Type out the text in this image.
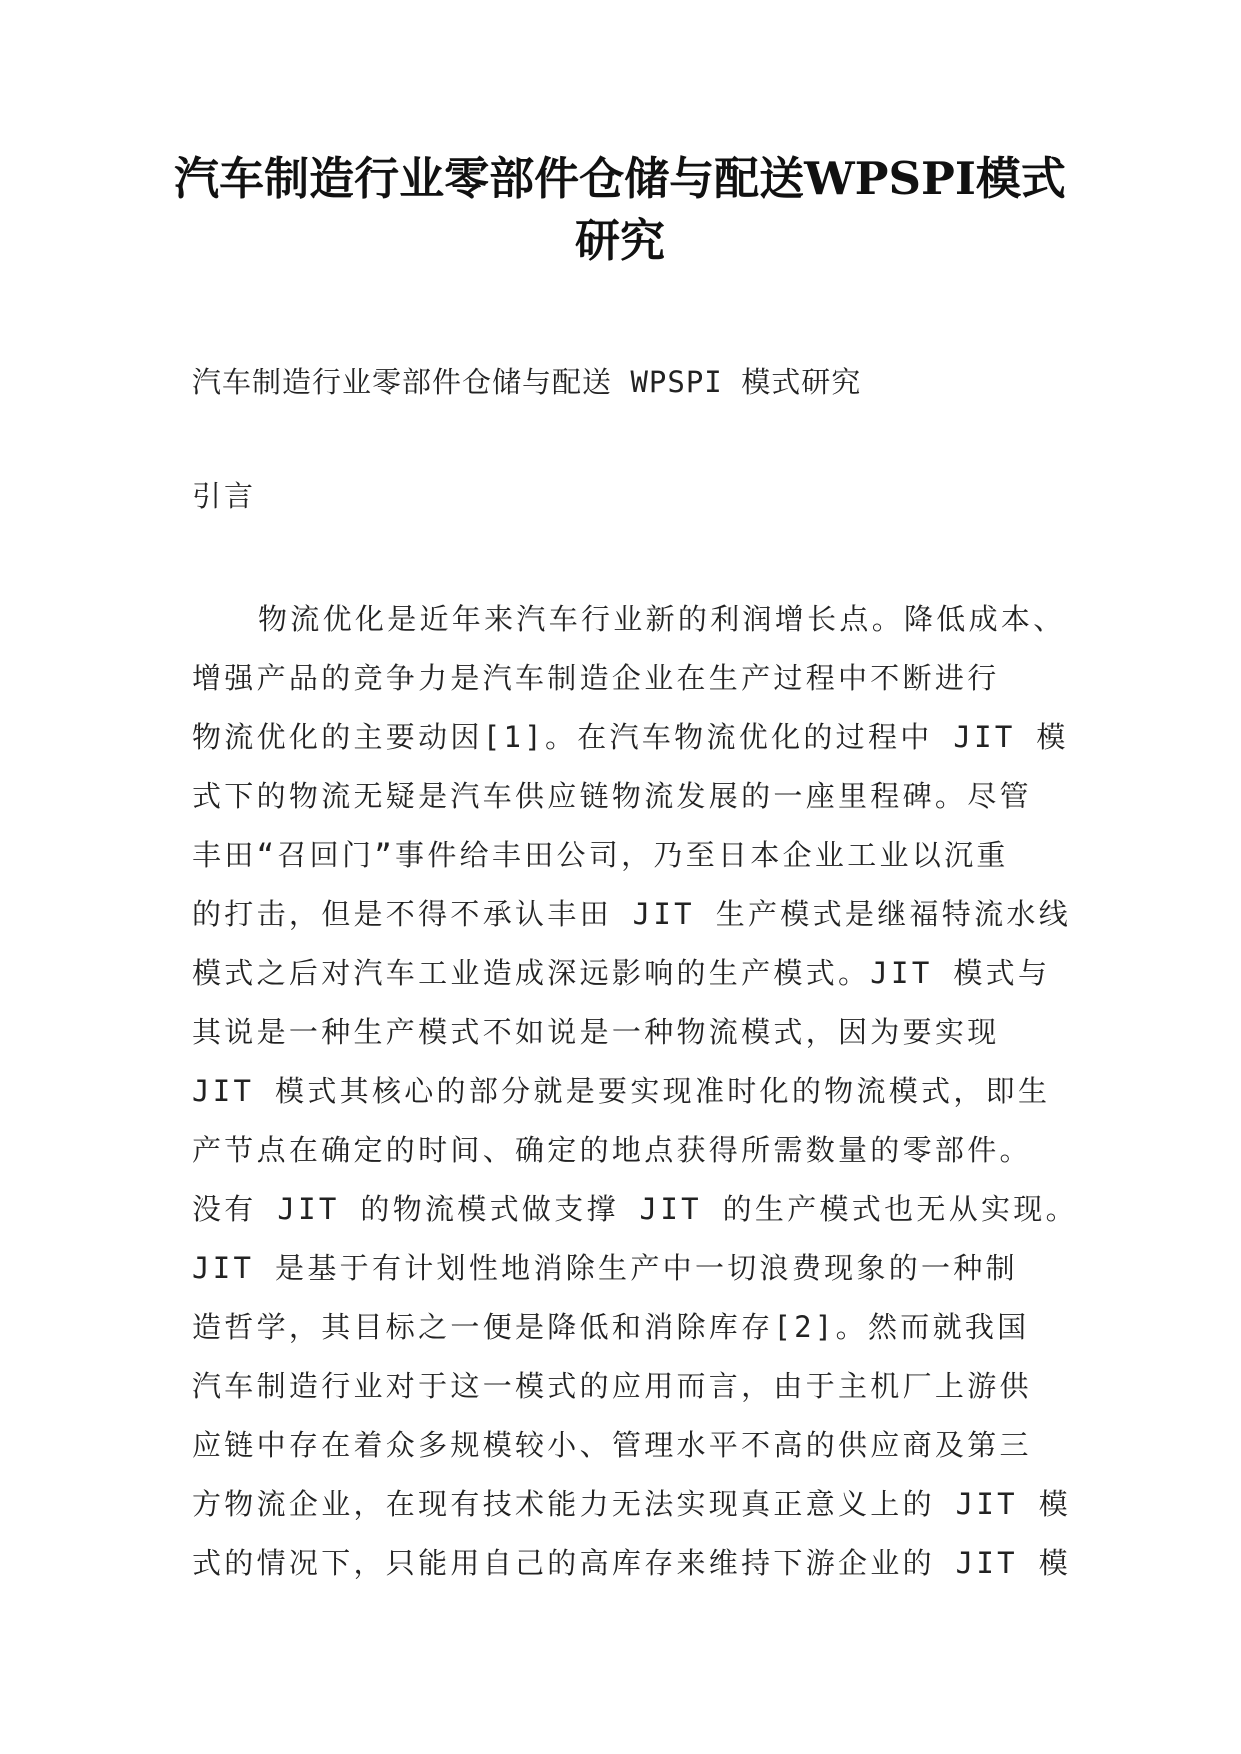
汽车制造行业零部件仓储与配送WPSPI模式
研究

汽车制造行业零部件仓储与配送 WPSPI 模式研究

引言

物流优化是近年来汽车行业新的利润增长点。降低成本、
增强产品的竞争力是汽车制造企业在生产过程中不断进行
物流优化的主要动因[1]。在汽车物流优化的过程中 JIT 模
式下的物流无疑是汽车供应链物流发展的一座里程碑。尽管
丰田“召回门”事件给丰田公司，乃至日本企业工业以沉重
的打击，但是不得不承认丰田 JIT 生产模式是继福特流水线
模式之后对汽车工业造成深远影响的生产模式。JIT 模式与
其说是一种生产模式不如说是一种物流模式，因为要实现
JIT 模式其核心的部分就是要实现准时化的物流模式，即生
产节点在确定的时间、确定的地点获得所需数量的零部件。
没有 JIT 的物流模式做支撑 JIT 的生产模式也无从实现。
JIT 是基于有计划性地消除生产中一切浪费现象的一种制
造哲学，其目标之一便是降低和消除库存[2]。然而就我国
汽车制造行业对于这一模式的应用而言，由于主机厂上游供
应链中存在着众多规模较小、管理水平不高的供应商及第三
方物流企业，在现有技术能力无法实现真正意义上的 JIT 模
式的情况下，只能用自己的高库存来维持下游企业的 JIT 模
